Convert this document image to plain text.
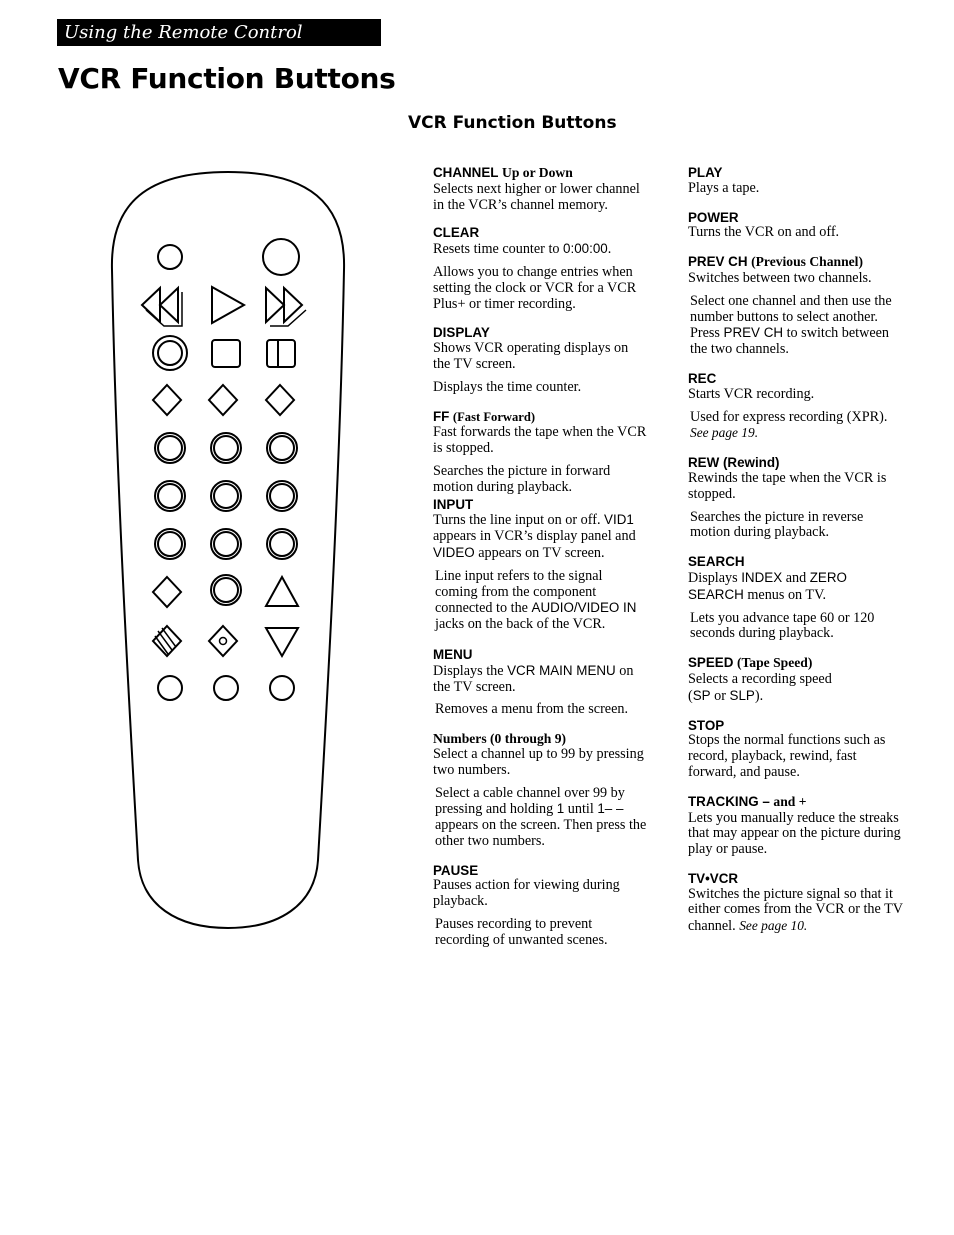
Using the Remote Control
VCR Function Buttons
VCR Function Buttons
CHANNEL Up or Down
Selects next higher or lower channel in the VCR’s channel memory.
CLEAR
Resets time counter to 0:00:00.
Allows you to change entries when setting the clock or VCR for a VCR Plus+ or timer recording.
DISPLAY
Shows VCR operating displays on the TV screen.
Displays the time counter.
FF (Fast Forward)
Fast forwards the tape when the VCR is stopped.
Searches the picture in forward motion during playback.
INPUT
Turns the line input on or off. VID1 appears in VCR’s display panel and VIDEO appears on TV screen.
Line input refers to the signal coming from the component connected to the AUDIO/VIDEO IN jacks on the back of the VCR.
MENU
Displays the VCR MAIN MENU on the TV screen.
Removes a menu from the screen.
Numbers (0 through 9)
Select a channel up to 99 by pressing two numbers.
Select a cable channel over 99 by pressing and holding 1 until 1– – appears on the screen. Then press the other two numbers.
PAUSE
Pauses action for viewing during playback.
Pauses recording to prevent recording of unwanted scenes.
PLAY
Plays a tape.
POWER
Turns the VCR on and off.
PREV CH (Previous Channel)
Switches between two channels.
Select one channel and then use the number buttons to select another. Press PREV CH to switch between the two channels.
REC
Starts VCR recording.
Used for express recording (XPR). See page 19.
REW (Rewind)
Rewinds the tape when the VCR is stopped.
Searches the picture in reverse motion during playback.
SEARCH
Displays INDEX and ZERO SEARCH menus on TV.
Lets you advance tape 60 or 120 seconds during playback.
SPEED (Tape Speed)
Selects a recording speed
(SP or SLP).
STOP
Stops the normal functions such as record, playback, rewind, fast forward, and pause.
TRACKING – and +
Lets you manually reduce the streaks that may appear on the picture during play or pause.
TV•VCR
Switches the picture signal so that it either comes from the VCR or the TV channel. See page 10.
